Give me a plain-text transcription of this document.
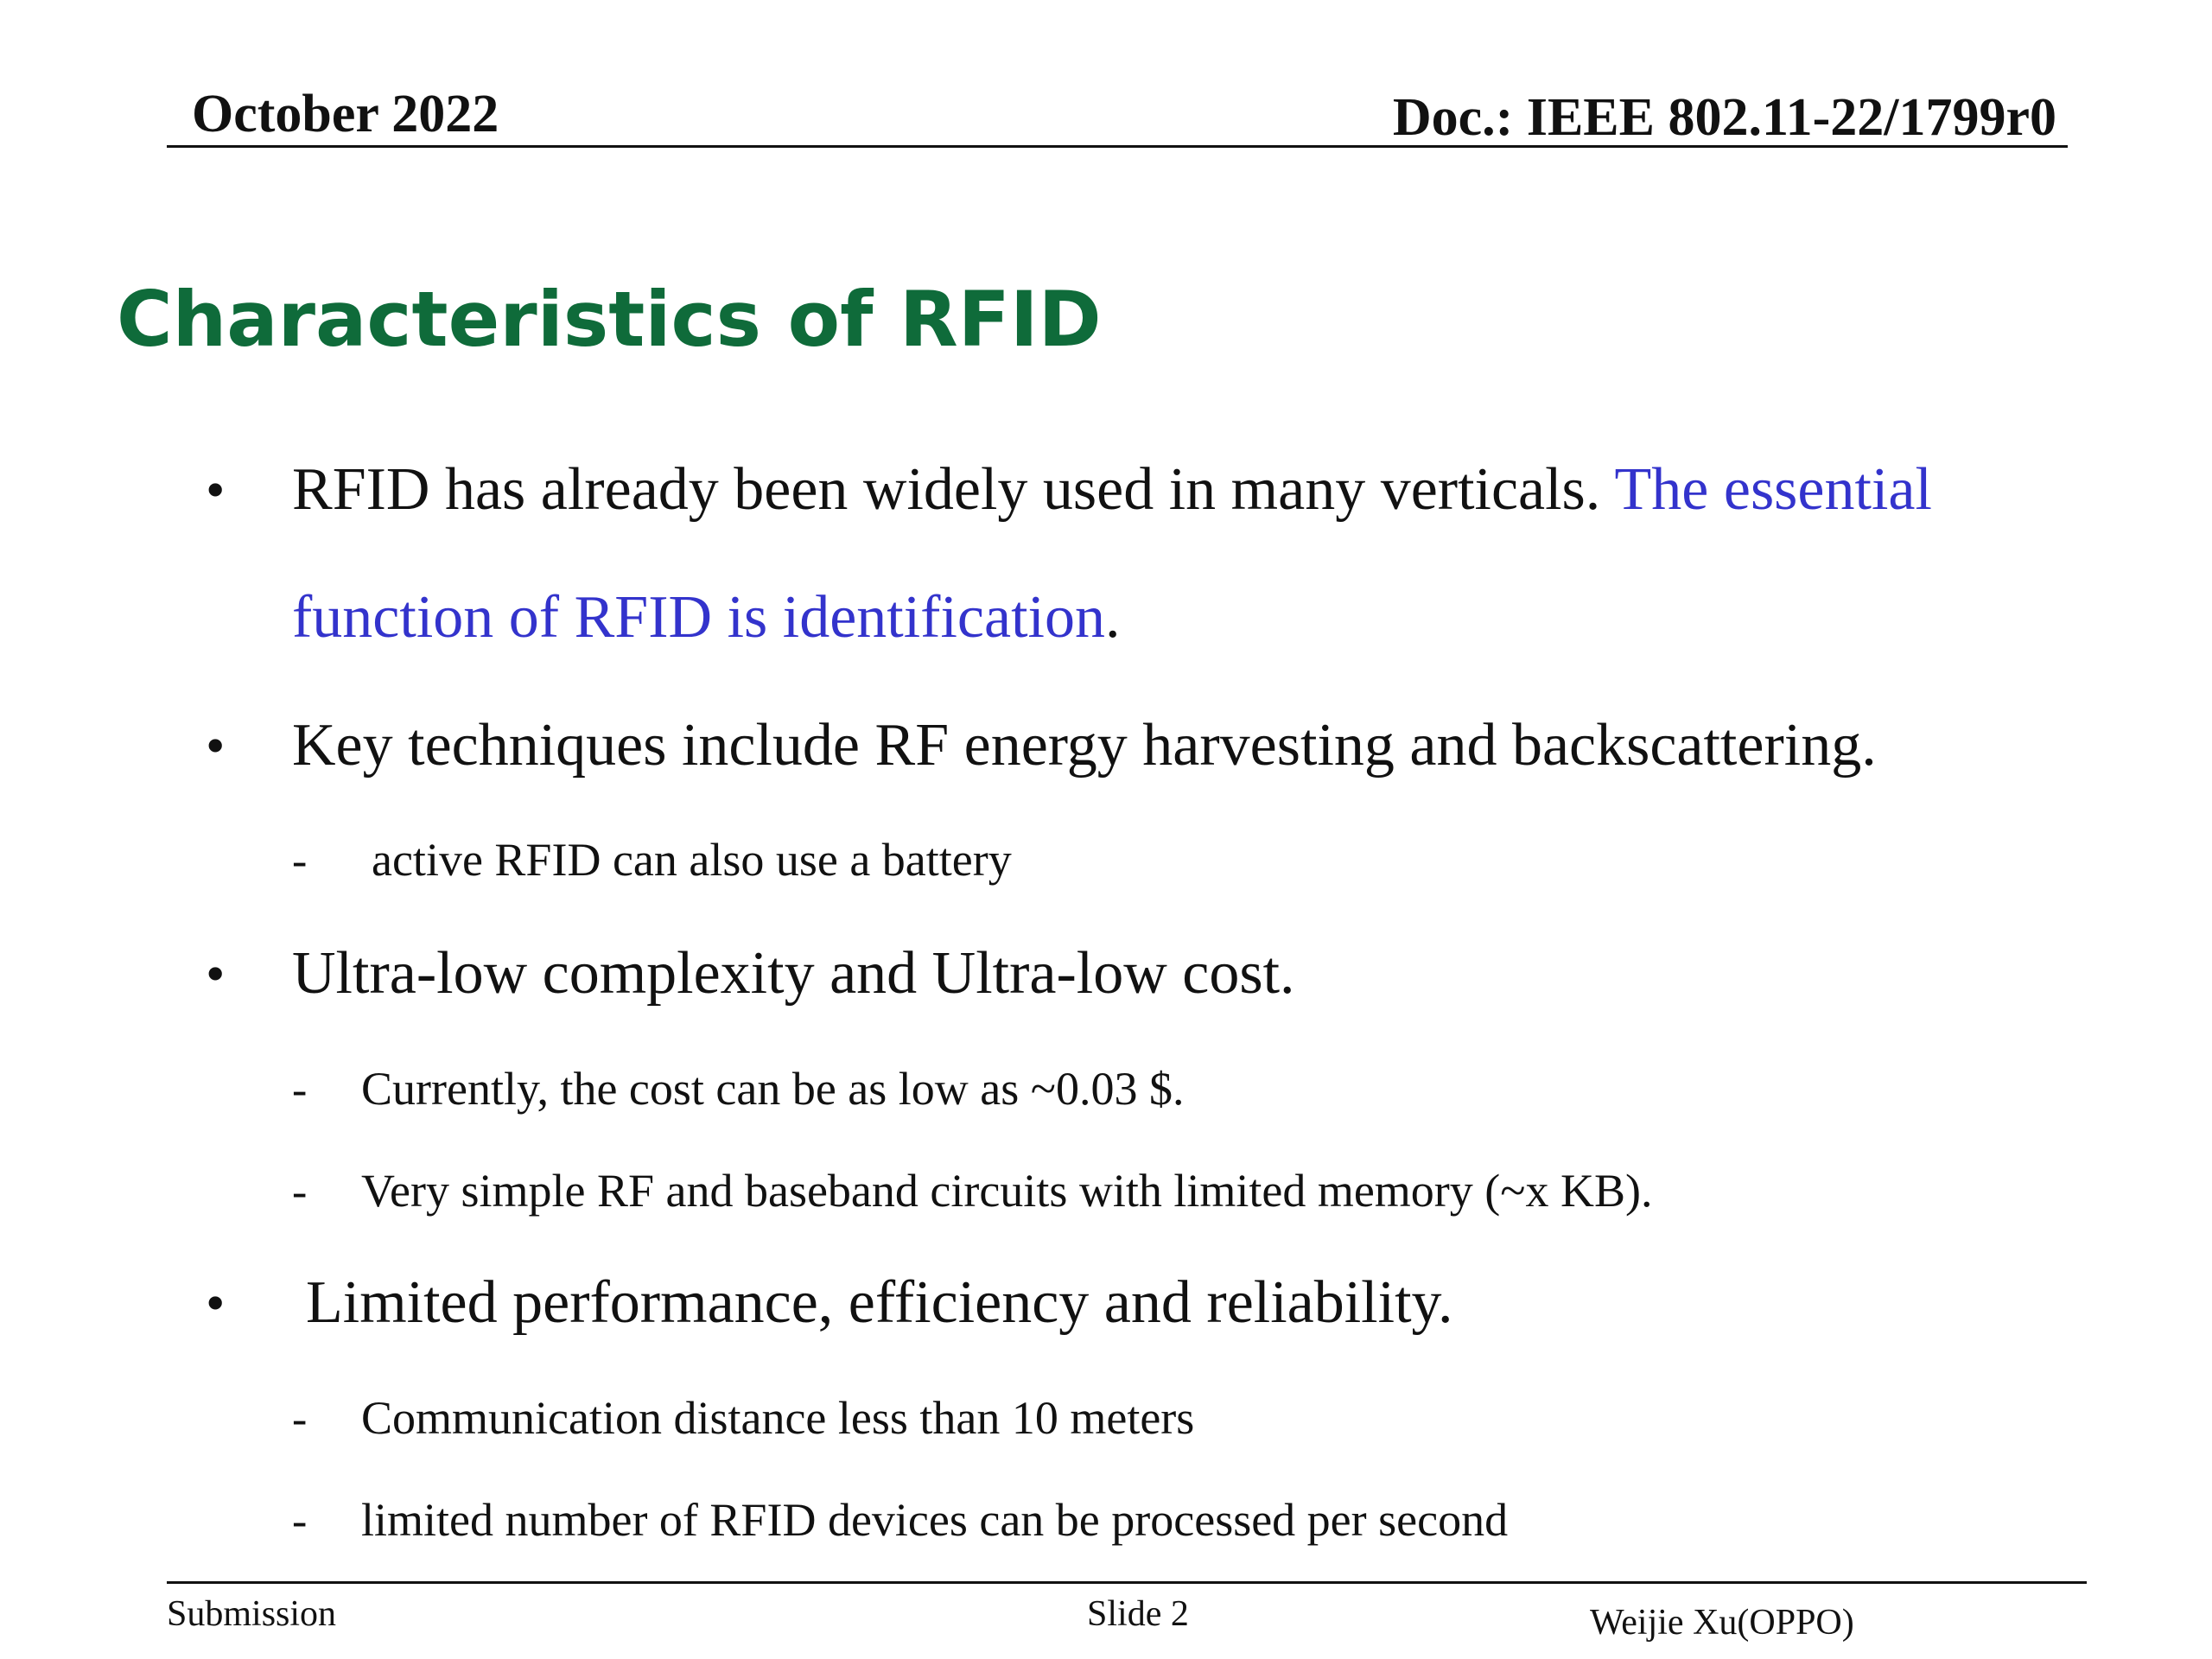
October 2022	Doc.: IEEE 802.11-22/1799r0
Characteristics of RFID
• RFID has already been widely used in many verticals. The essential
function of RFID is identification.
• Key techniques include RF energy harvesting and backscattering.
- active RFID can also use a battery
• Ultra-low complexity and Ultra-low cost.
- Currently, the cost can be as low as ~0.03 $.
- Very simple RF and baseband circuits with limited memory (~x KB).
• Limited performance, efficiency and reliability.
- Communication distance less than 10 meters
- limited number of RFID devices can be processed per second
Submission	Slide 2	Weijie Xu(OPPO)
